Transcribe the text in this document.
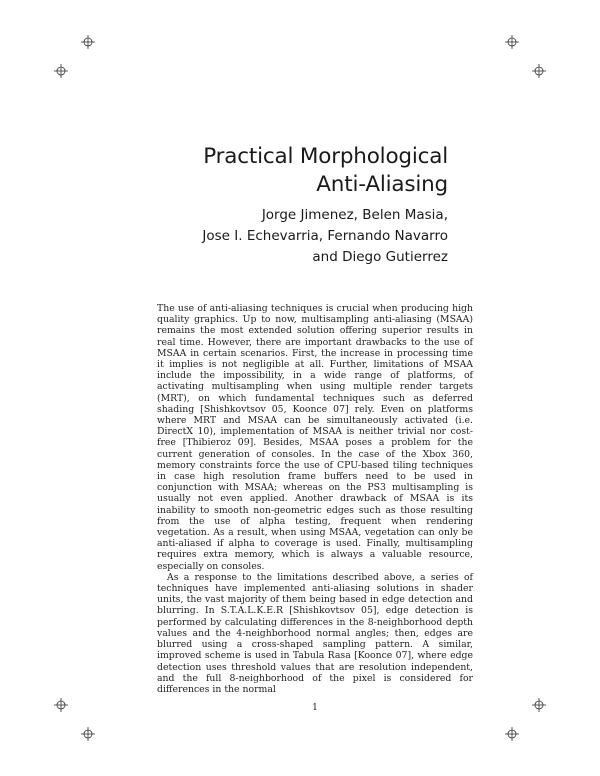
Practical Morphological
Anti-Aliasing
Jorge Jimenez, Belen Masia,
Jose I. Echevarria, Fernando Navarro
and Diego Gutierrez

The use of anti-aliasing techniques is crucial when producing high quality graphics. Up to now, multisampling anti-aliasing (MSAA) remains the most extended solution offering superior results in real time. However, there are important drawbacks to the use of MSAA in certain scenarios. First, the increase in processing time it implies is not negligible at all. Further, limitations of MSAA include the impossibility, in a wide range of platforms, of activating multisampling when using multiple render targets (MRT), on which fundamental techniques such as deferred shading [Shishkovtsov 05, Koonce 07] rely. Even on platforms where MRT and MSAA can be simultaneously activated (i.e. DirectX 10), implementation of MSAA is neither trivial nor cost-free [Thibieroz 09]. Besides, MSAA poses a problem for the current generation of consoles. In the case of the Xbox 360, memory constraints force the use of CPU-based tiling techniques in case high resolution frame buffers need to be used in conjunction with MSAA; whereas on the PS3 multisampling is usually not even applied. Another drawback of MSAA is its inability to smooth non-geometric edges such as those resulting from the use of alpha testing, frequent when rendering vegetation. As a result, when using MSAA, vegetation can only be anti-aliased if alpha to coverage is used. Finally, multisampling requires extra memory, which is always a valuable resource, especially on consoles.

As a response to the limitations described above, a series of techniques have implemented anti-aliasing solutions in shader units, the vast majority of them being based in edge detection and blurring. In S.T.A.L.K.E.R [Shishkovtsov 05], edge detection is performed by calculating differences in the 8-neighborhood depth values and the 4-neighborhood normal angles; then, edges are blurred using a cross-shaped sampling pattern. A similar, improved scheme is used in Tabula Rasa [Koonce 07], where edge detection uses threshold values that are resolution independent, and the full 8-neighborhood of the pixel is considered for differences in the normal

1
